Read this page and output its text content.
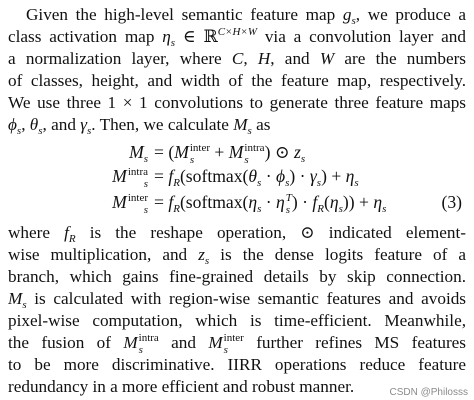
Given the high-level semantic feature map $g_s$, we produce a
class activation map $\eta_s$ ∈ ℝ$^{C\times H\times W}$ via a convolution layer and
a normalization layer, where C, H, and W are the numbers
of classes, height, and width of the feature map, respectively.
We use three 1 × 1 convolutions to generate three feature maps
$\phi_s$, $\theta_s$, and $\gamma_s$. Then, we calculate $M_s$ as
$M_s = (M$ inter
s + M intra
s ) ⊙ $z_s$
M intra
$s = f_R(softmax(\theta_s \cdot \phi_s) \cdot \gamma_s) + \eta_s$
M inter
$s = f_R(softmax(\eta_s \cdot \eta$ T
s ) · $f_R(\eta_s)) + \eta_s$	(3)
where $f_R$ is the reshape operation, ⊙ indicated element-
wise multiplication, and $z_s$ is the dense logits feature of a
branch, which gains fine-grained details by skip connection.
$M_s$ is calculated with region-wise semantic features and avoids
pixel-wise computation, which is time-efficient. Meanwhile,
the fusion of M intra
s and M inter
s further refines MS features
to be more discriminative. IIRR operations reduce feature
redundancy in a more efficient and robust manner.	CSDN @Philosss
